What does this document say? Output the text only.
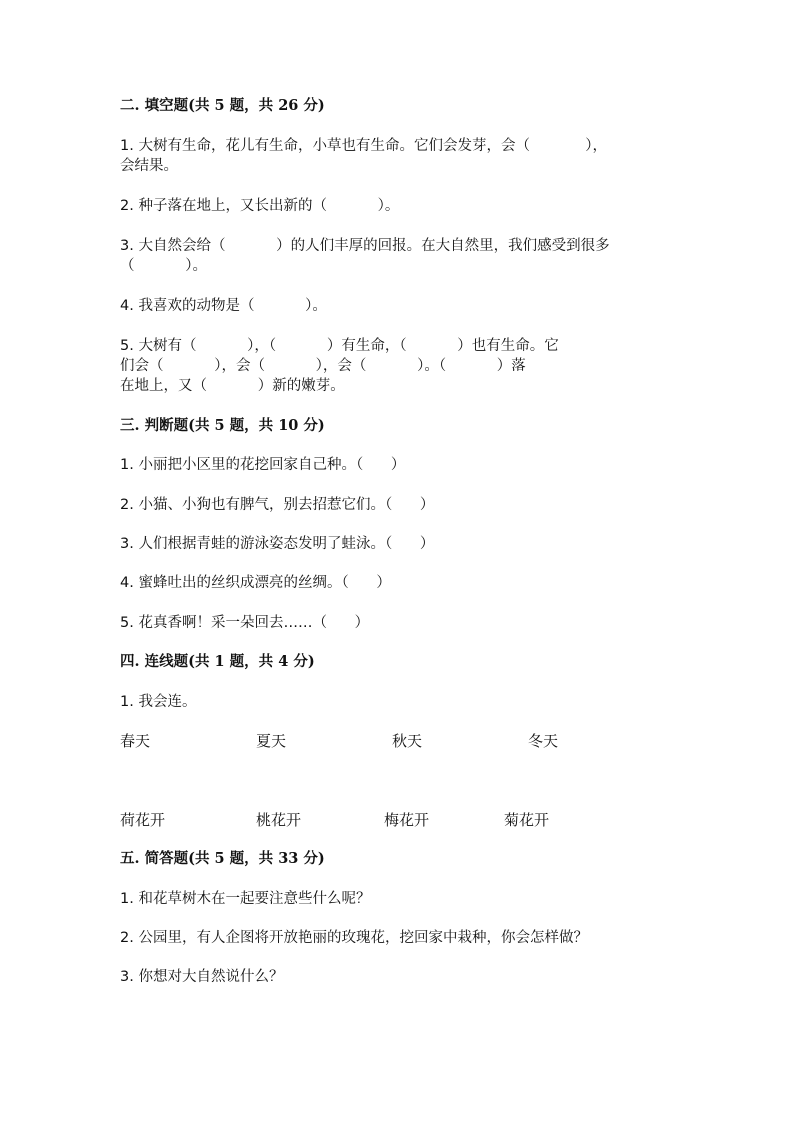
二. 填空题(共 5 题，共 26 分)
1. 大树有生命，花儿有生命，小草也有生命。它们会发芽，会（            ），
会结果。
2. 种子落在地上，又长出新的（           ）。
3. 大自然会给（           ）的人们丰厚的回报。在大自然里，我们感受到很多
（           ）。
4. 我喜欢的动物是（           ）。
5. 大树有（           ），（           ）有生命，（           ）也有生命。它
们会（           ），会（           ），会（           ）。（           ）落
在地上，又（           ）新的嫩芽。
三. 判断题(共 5 题，共 10 分)
1. 小丽把小区里的花挖回家自己种。（      ）
2. 小猫、小狗也有脾气，别去招惹它们。（      ）
3. 人们根据青蛙的游泳姿态发明了蛙泳。（      ）
4. 蜜蜂吐出的丝织成漂亮的丝绸。（      ）
5. 花真香啊！采一朵回去……（      ）
四. 连线题(共 1 题，共 4 分)
1. 我会连。
春天	夏天	秋天	冬天
荷花开	桃花开	梅花开	菊花开
五. 简答题(共 5 题，共 33 分)
1. 和花草树木在一起要注意些什么呢？
2. 公园里，有人企图将开放艳丽的玫瑰花，挖回家中栽种，你会怎样做？
3. 你想对大自然说什么？
